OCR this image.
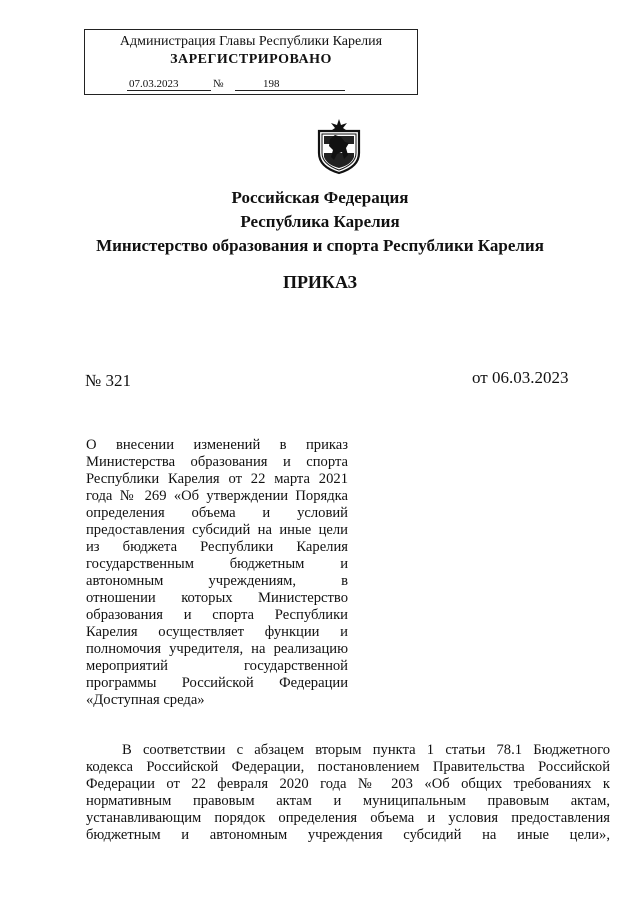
Администрация Главы Республики Карелия
ЗАРЕГИСТРИРОВАНО
07.03.2023	№	198
Российская Федерация
Республика Карелия
Министерство образования и спорта Республики Карелия
ПРИКАЗ
№ 321	от 06.03.2023
О внесении изменений в приказ
Министерства образования и спорта
Республики Карелия от 22 марта 2021
года № 269 «Об утверждении Порядка
определения объема и условий
предоставления субсидий на иные цели
из бюджета Республики Карелия
государственным бюджетным и
автономным учреждениям, в
отношении которых Министерство
образования и спорта Республики
Карелия осуществляет функции и
полномочия учредителя, на реализацию
мероприятий государственной
программы Российской Федерации
«Доступная среда»
В соответствии с абзацем вторым пункта 1 статьи 78.1 Бюджетного
кодекса Российской Федерации, постановлением Правительства Российской
Федерации от 22 февраля 2020 года № 203 «Об общих требованиях к
нормативным правовым актам и муниципальным правовым актам,
устанавливающим порядок определения объема и условия предоставления
бюджетным и автономным учреждения субсидий на иные цели»,
